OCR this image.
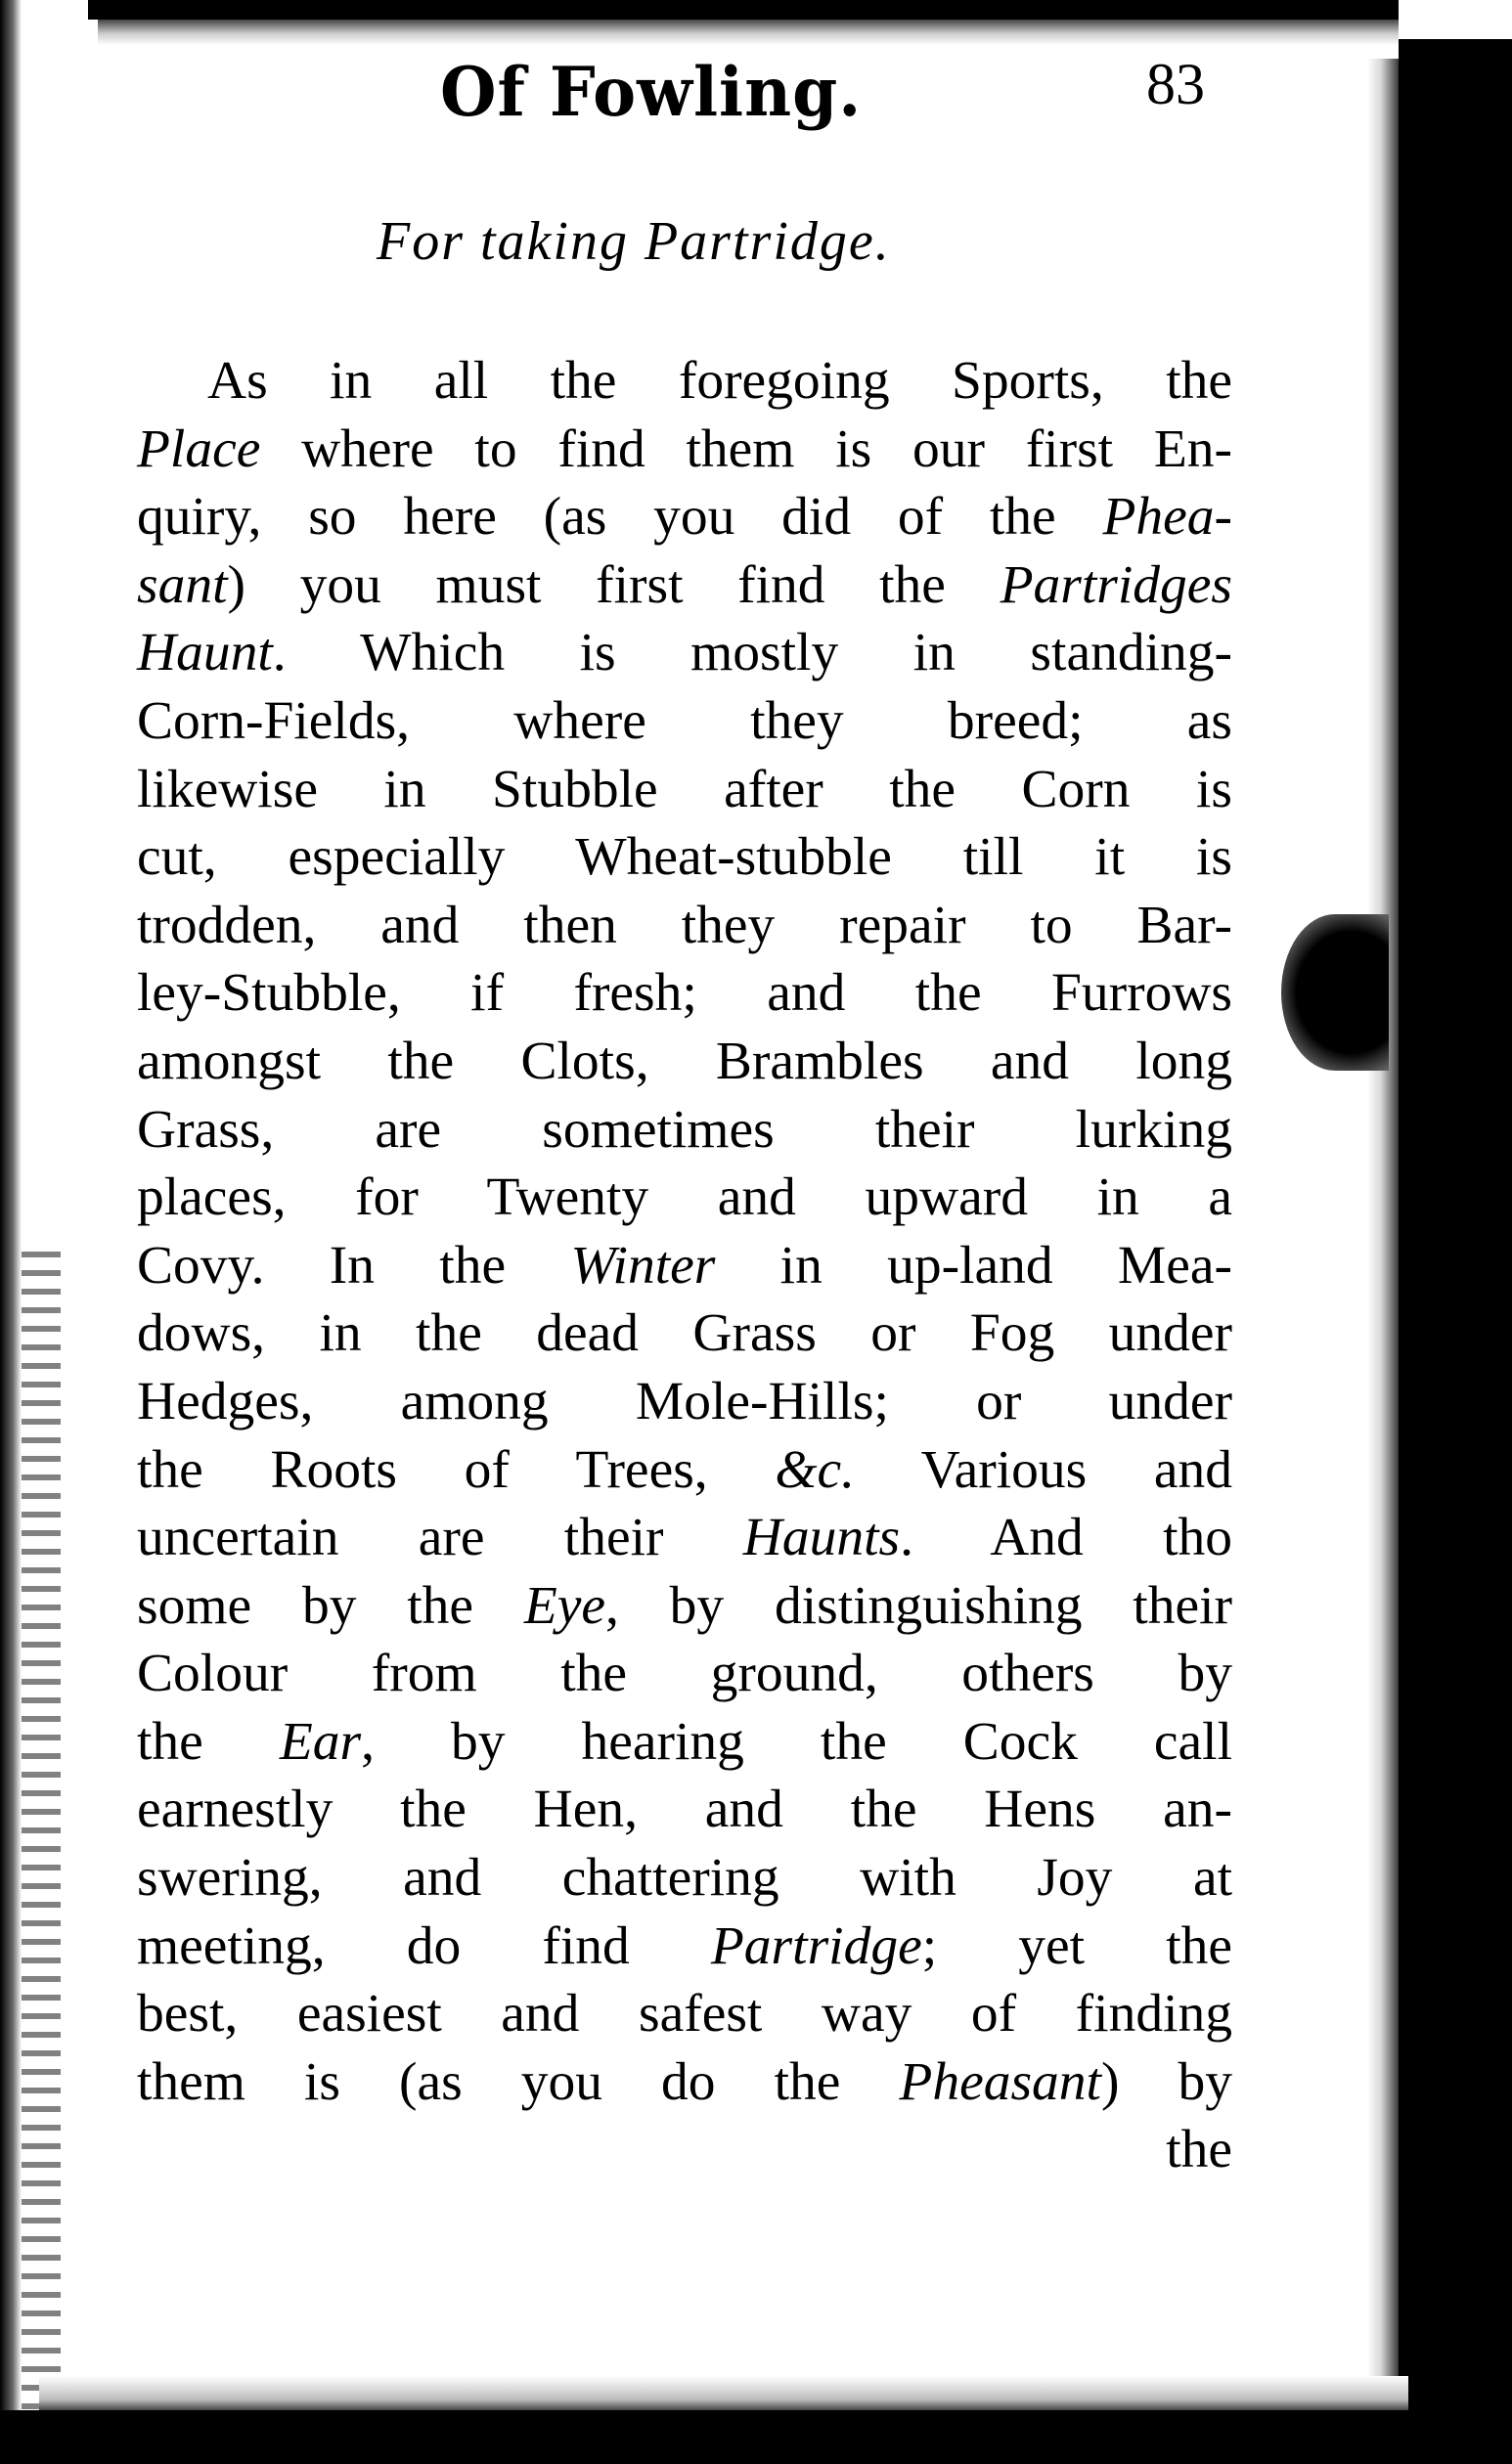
Of Fowling.	83
For taking Partridge.
As in all the foregoing Sports, the
Place where to find them is our first En-
quiry, so here (as you did of the Phea-
sant) you must first find the Partridges
Haunt. Which is mostly in standing-
Corn-Fields, where they breed; as
likewise in Stubble after the Corn is
cut, especially Wheat-stubble till it is
trodden, and then they repair to Bar-
ley-Stubble, if fresh; and the Furrows
amongst the Clots, Brambles and long
Grass, are sometimes their lurking
places, for Twenty and upward in a
Covy. In the Winter in up-land Mea-
dows, in the dead Grass or Fog under
Hedges, among Mole-Hills; or under
the Roots of Trees, &c. Various and
uncertain are their Haunts. And tho
some by the Eye, by distinguishing their
Colour from the ground, others by
the Ear, by hearing the Cock call
earnestly the Hen, and the Hens an-
swering, and chattering with Joy at
meeting, do find Partridge; yet the
best, easiest and safest way of finding
them is (as you do the Pheasant) by
the
